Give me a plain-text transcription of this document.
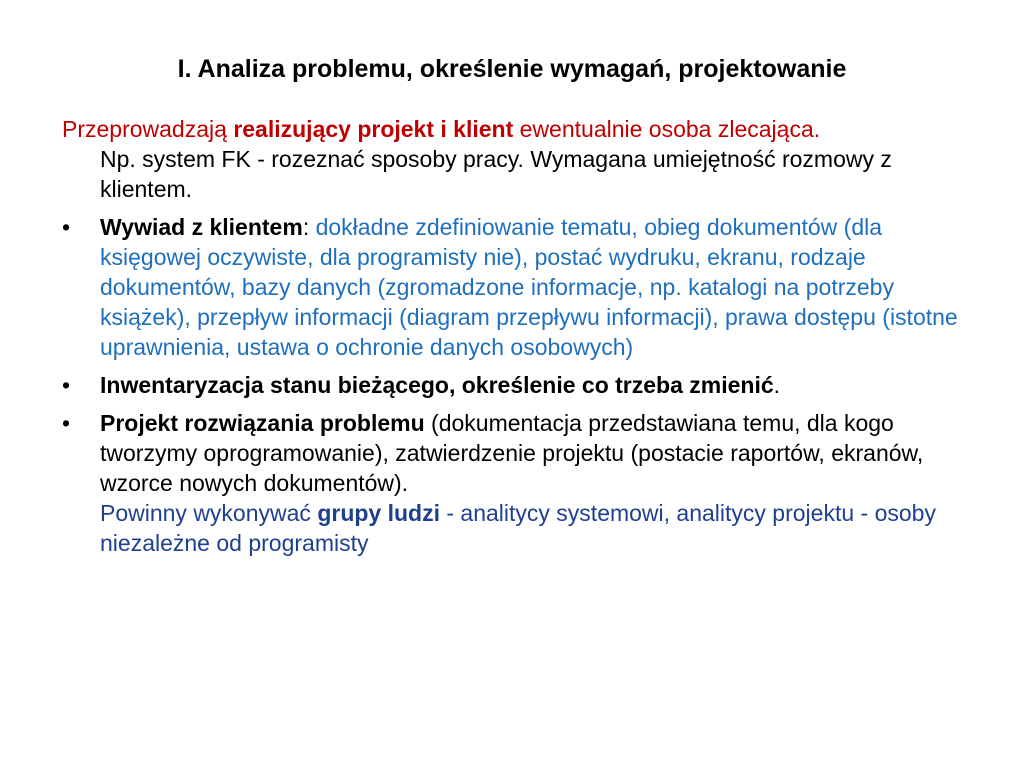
I. Analiza problemu, określenie wymagań, projektowanie

Przeprowadzają realizujący projekt i klient ewentualnie osoba zlecająca.
Np. system FK - rozeznać sposoby pracy. Wymagana umiejętność rozmowy z klientem.

•	Wywiad z klientem: dokładne zdefiniowanie tematu, obieg dokumentów (dla księgowej oczywiste, dla programisty nie), postać wydruku, ekranu, rodzaje dokumentów, bazy danych (zgromadzone informacje, np. katalogi na potrzeby książek), przepływ informacji (diagram przepływu informacji), prawa dostępu (istotne uprawnienia, ustawa o ochronie danych osobowych)

•	Inwentaryzacja stanu bieżącego, określenie co trzeba zmienić.

•	Projekt rozwiązania problemu (dokumentacja przedstawiana temu, dla kogo tworzymy oprogramowanie), zatwierdzenie projektu (postacie raportów, ekranów, wzorce nowych dokumentów).
Powinny wykonywać grupy ludzi - analitycy systemowi, analitycy projektu - osoby niezależne od programisty
